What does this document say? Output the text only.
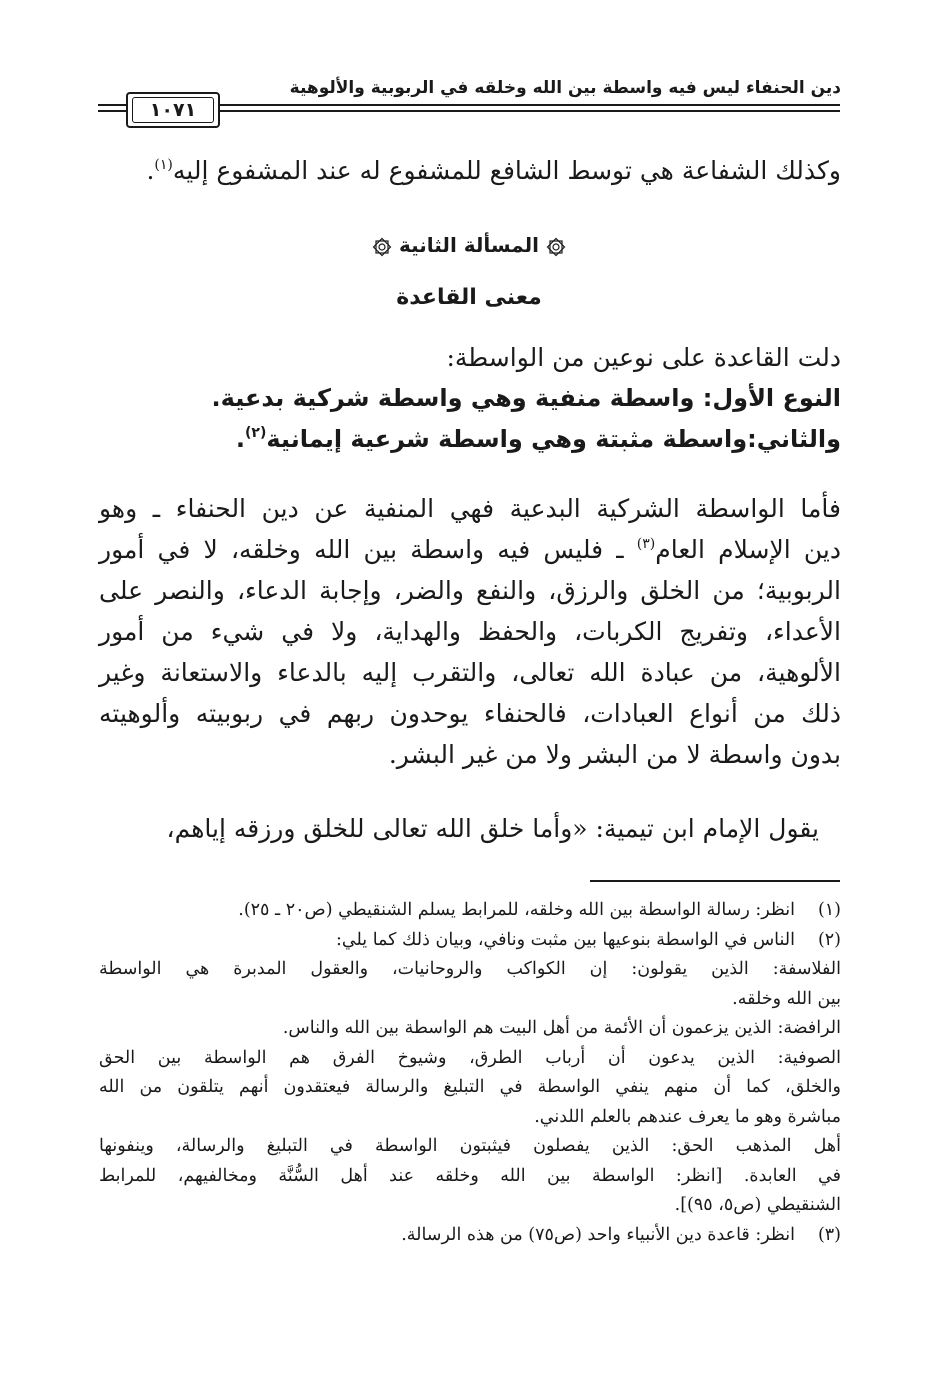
دين الحنفاء ليس فيه واسطة بين الله وخلقه في الربوبية والألوهية
١٠٧١
وكذلك الشفاعة هي توسط الشافع للمشفوع له عند المشفوع إليه$^{(١)}$.
المسألة الثانية
معنى القاعدة
دلت القاعدة على نوعين من الواسطة:
النوع الأول: واسطة منفية وهي واسطة شركية بدعية.
والثاني:واسطة مثبتة وهي واسطة شرعية إيمانية$^{(٢)}$.
فأما الواسطة الشركية البدعية فهي المنفية عن دين الحنفاء ـ وهو
دين الإسلام العام$^{(٣)}$ ـ فليس فيه واسطة بين الله وخلقه، لا في أمور
الربوبية؛ من الخلق والرزق، والنفع والضر، وإجابة الدعاء، والنصر على
الأعداء، وتفريج الكربات، والحفظ والهداية، ولا في شيء من أمور
الألوهية، من عبادة الله تعالى، والتقرب إليه بالدعاء والاستعانة وغير
ذلك من أنواع العبادات، فالحنفاء يوحدون ربهم في ربوبيته وألوهيته
بدون واسطة لا من البشر ولا من غير البشر.
يقول الإمام ابن تيمية: «وأما خلق الله تعالى للخلق ورزقه إياهم،
(١)
انظر: رسالة الواسطة بين الله وخلقه، للمرابط يسلم الشنقيطي (ص٢٠ ـ ٢٥).
(٢)
الناس في الواسطة بنوعيها بين مثبت ونافي، وبيان ذلك كما يلي:
الفلاسفة: الذين يقولون: إن الكواكب والروحانيات، والعقول المدبرة هي الواسطة
بين الله وخلقه.
الرافضة: الذين يزعمون أن الأئمة من أهل البيت هم الواسطة بين الله والناس.
الصوفية: الذين يدعون أن أرباب الطرق، وشيوخ الفرق هم الواسطة بين الحق
والخلق، كما أن منهم ينفي الواسطة في التبليغ والرسالة فيعتقدون أنهم يتلقون من الله
مباشرة وهو ما يعرف عندهم بالعلم اللدني.
أهل المذهب الحق: الذين يفصلون فيثبتون الواسطة في التبليغ والرسالة، وينفونها
في العابدة. [انظر: الواسطة بين الله وخلقه عند أهل السُّنَّة ومخالفيهم، للمرابط
الشنقيطي (ص٥، ٩٥)].
(٣)
انظر: قاعدة دين الأنبياء واحد (ص٧٥) من هذه الرسالة.
